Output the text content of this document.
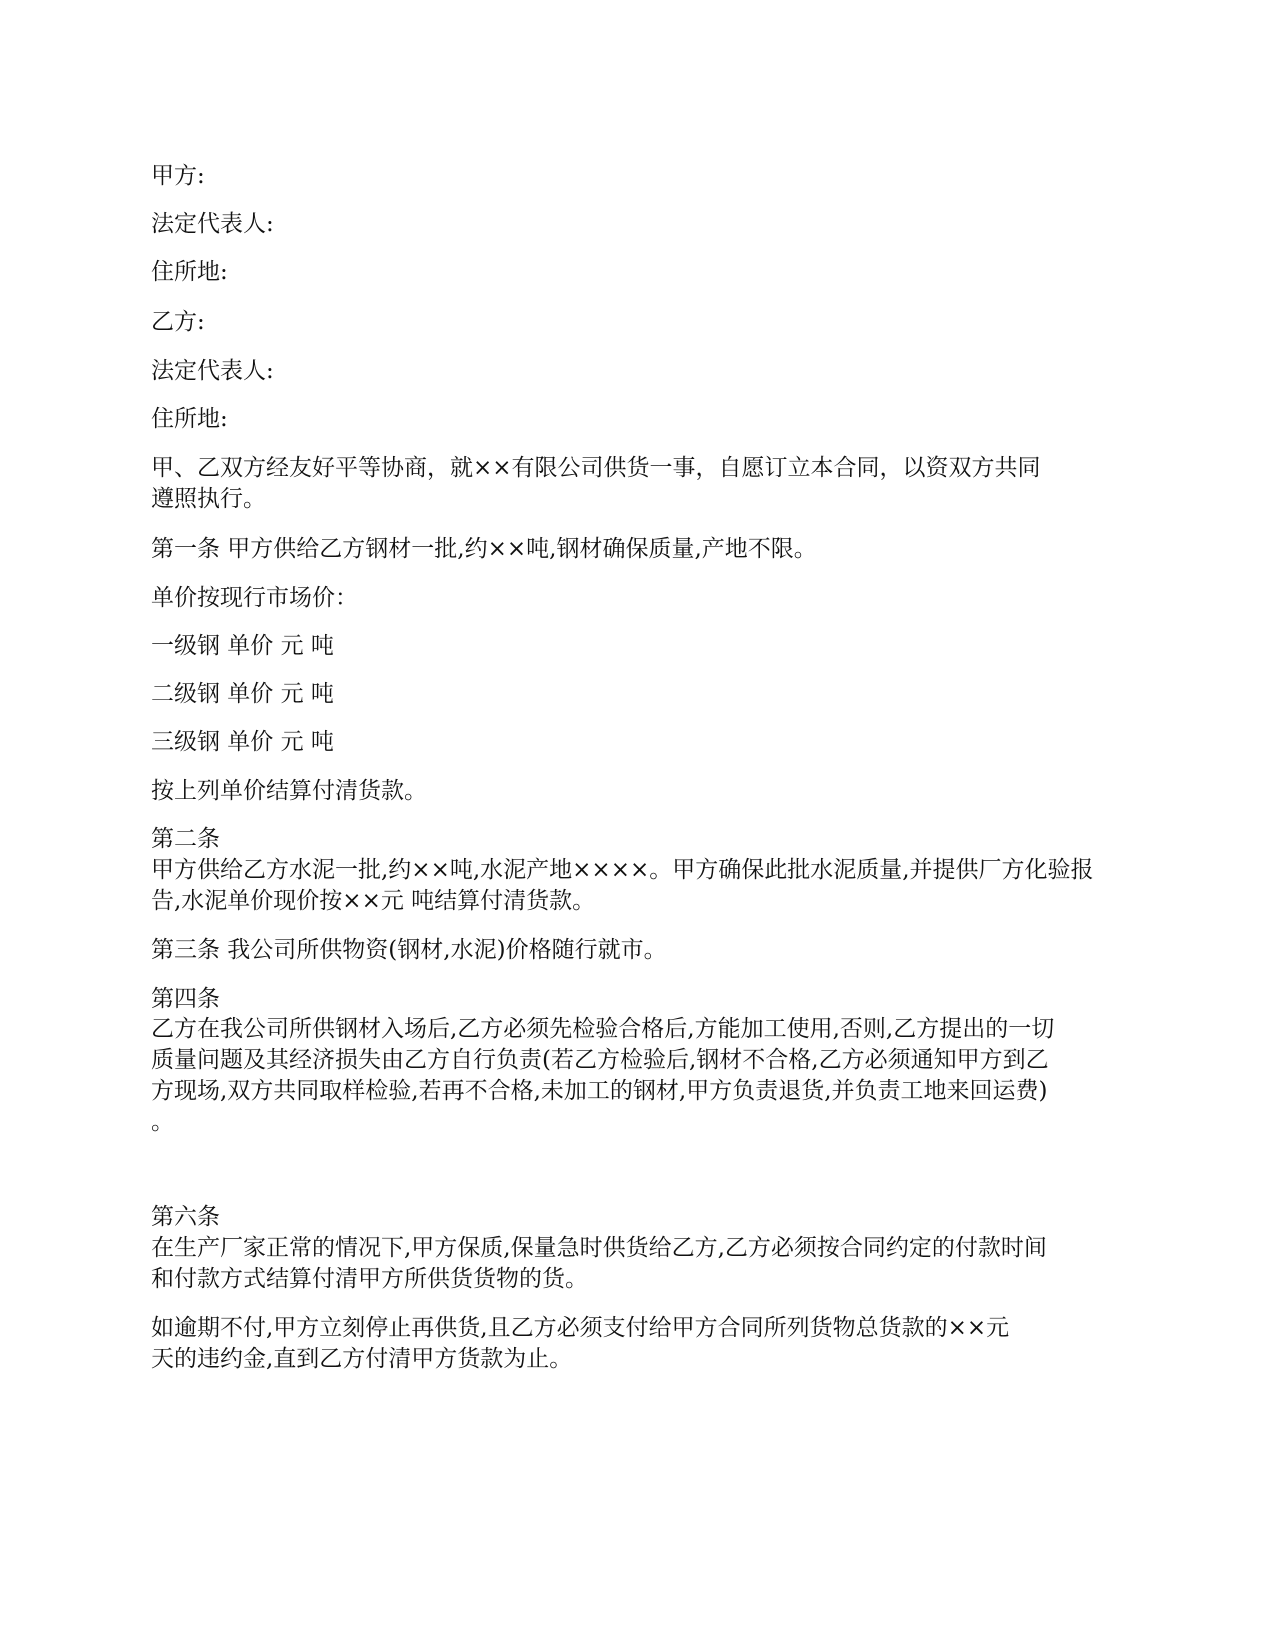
甲方:
法定代表人:
住所地:
乙方:
法定代表人:
住所地:
甲、乙双方经友好平等协商，就××有限公司供货一事，自愿订立本合同，以资双方共同
遵照执行。
第一条 甲方供给乙方钢材一批,约××吨,钢材确保质量,产地不限。
单价按现行市场价：
一级钢 单价 元 吨
二级钢 单价 元 吨
三级钢 单价 元 吨
按上列单价结算付清货款。
第二条
甲方供给乙方水泥一批,约××吨,水泥产地××××。甲方确保此批水泥质量,并提供厂方化验报
告,水泥单价现价按××元 吨结算付清货款。
第三条 我公司所供物资(钢材,水泥)价格随行就市。
第四条
乙方在我公司所供钢材入场后,乙方必须先检验合格后,方能加工使用,否则,乙方提出的一切
质量问题及其经济损失由乙方自行负责(若乙方检验后,钢材不合格,乙方必须通知甲方到乙
方现场,双方共同取样检验,若再不合格,未加工的钢材,甲方负责退货,并负责工地来回运费)
。
第六条
在生产厂家正常的情况下,甲方保质,保量急时供货给乙方,乙方必须按合同约定的付款时间
和付款方式结算付清甲方所供货货物的货。
如逾期不付,甲方立刻停止再供货,且乙方必须支付给甲方合同所列货物总货款的××元
天的违约金,直到乙方付清甲方货款为止。
